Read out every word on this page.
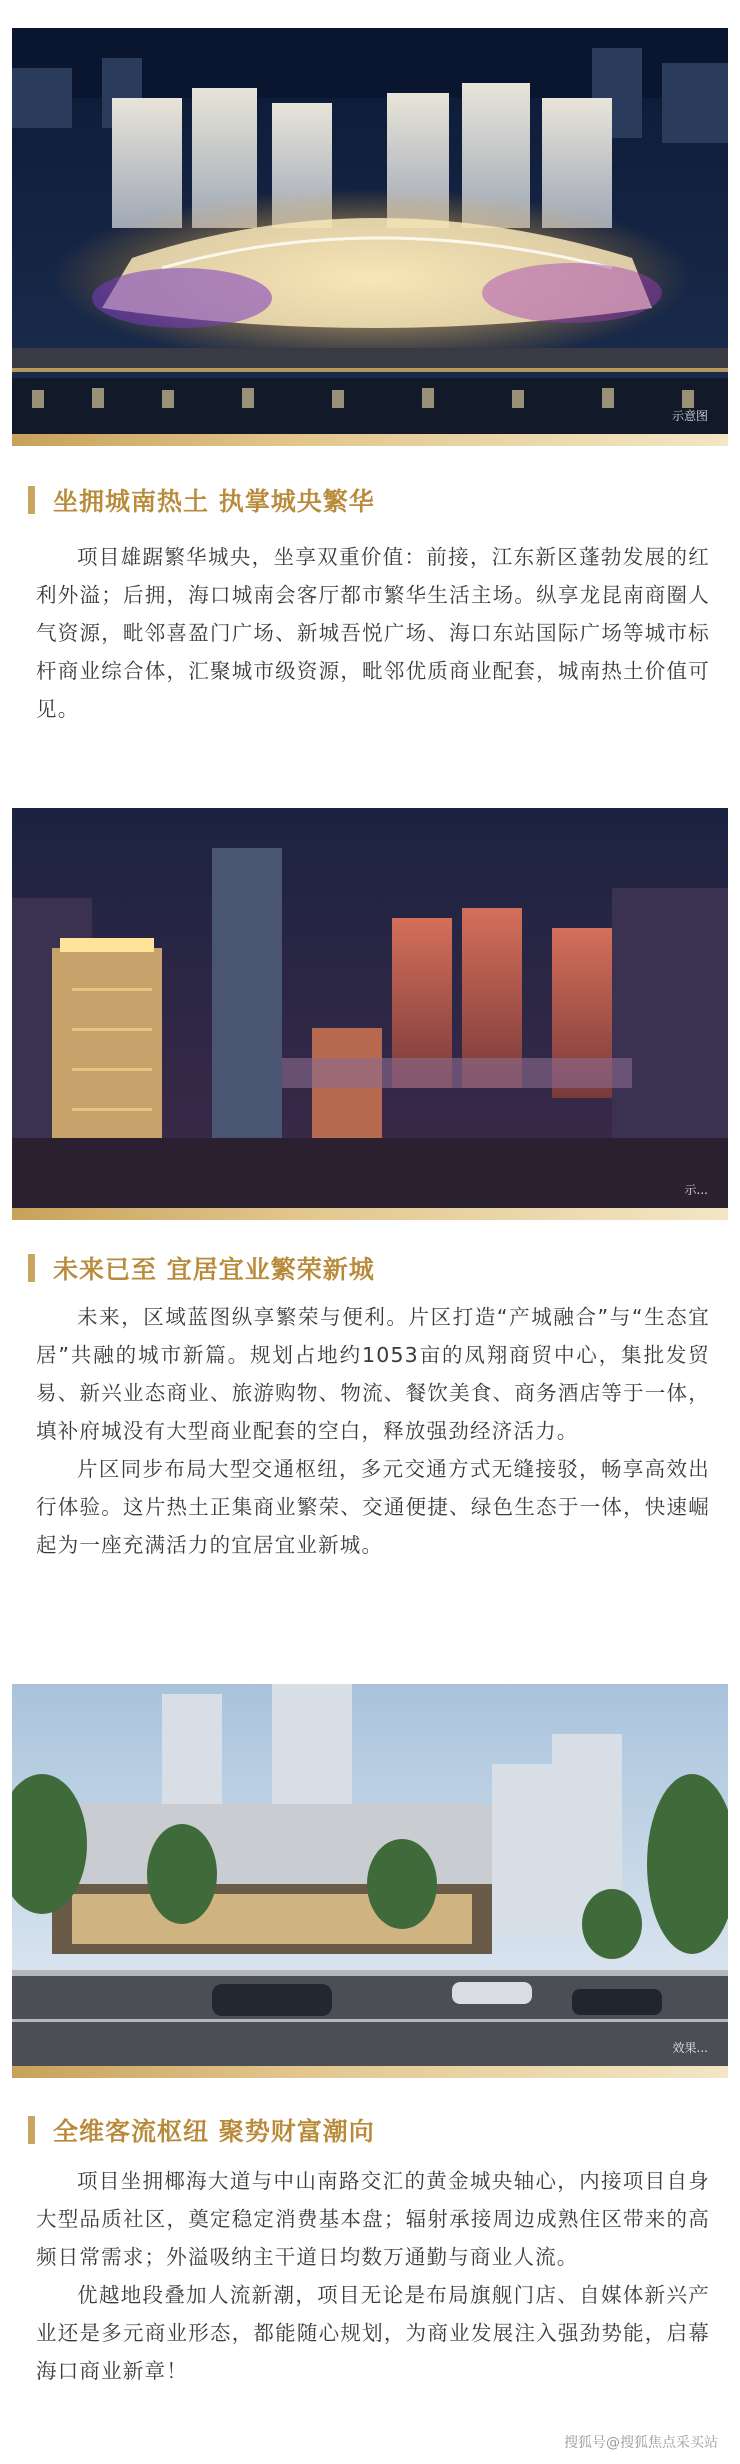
示意图
坐拥城南热土 执掌城央繁华

项目雄踞繁华城央，坐享双重价值：前接，江东新区蓬勃发展的红利外溢；后拥，海口城南会客厅都市繁华生活主场。纵享龙昆南商圈人气资源，毗邻喜盈门广场、新城吾悦广场、海口东站国际广场等城市标杆商业综合体，汇聚城市级资源，毗邻优质商业配套，城南热土价值可见。

示...
未来已至 宜居宜业繁荣新城

未来，区域蓝图纵享繁荣与便利。片区打造“产城融合”与“生态宜居”共融的城市新篇。规划占地约1053亩的凤翔商贸中心，集批发贸易、新兴业态商业、旅游购物、物流、餐饮美食、商务酒店等于一体，填补府城没有大型商业配套的空白，释放强劲经济活力。

片区同步布局大型交通枢纽，多元交通方式无缝接驳，畅享高效出行体验。这片热土正集商业繁荣、交通便捷、绿色生态于一体，快速崛起为一座充满活力的宜居宜业新城。

效果...
全维客流枢纽 聚势财富潮向

项目坐拥椰海大道与中山南路交汇的黄金城央轴心，内接项目自身大型品质社区，奠定稳定消费基本盘；辐射承接周边成熟住区带来的高频日常需求；外溢吸纳主干道日均数万通勤与商业人流。

优越地段叠加人流新潮，项目无论是布局旗舰门店、自媒体新兴产业还是多元商业形态，都能随心规划，为商业发展注入强劲势能，启幕海口商业新章！

搜狐号@搜狐焦点采买站
